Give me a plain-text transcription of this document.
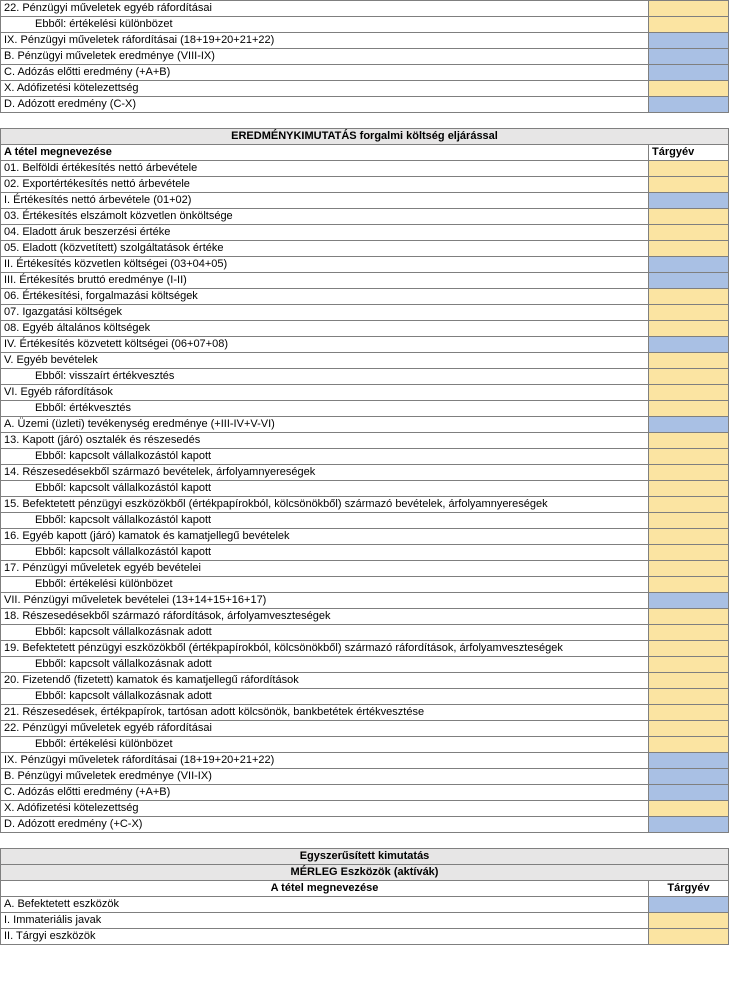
22. Pénzügyi műveletek egyéb ráfordításai	
Ebből: értékelési különbözet	
IX. Pénzügyi műveletek ráfordításai (18+19+20+21+22)	
B. Pénzügyi műveletek eredménye (VIII-IX)	
C. Adózás előtti eredmény (+A+B)	
X. Adófizetési kötelezettség	
D. Adózott eredmény (C-X)	
EREDMÉNYKIMUTATÁS forgalmi költség eljárással	
A tétel megnevezése	Tárgyév
01. Belföldi értékesítés nettó árbevétele	
02. Exportértékesítés nettó árbevétele	
I. Értékesítés nettó árbevétele (01+02)	
03. Értékesítés elszámolt közvetlen önköltsége	
04. Eladott áruk beszerzési értéke	
05. Eladott (közvetített) szolgáltatások értéke	
II. Értékesítés közvetlen költségei (03+04+05)	
III. Értékesítés bruttó eredménye (I-II)	
06. Értékesítési, forgalmazási költségek	
07. Igazgatási költségek	
08. Egyéb általános költségek	
IV. Értékesítés közvetett költségei (06+07+08)	
V. Egyéb bevételek	
Ebből: visszaírt értékvesztés	
VI. Egyéb ráfordítások	
Ebből: értékvesztés	
A. Üzemi (üzleti) tevékenység eredménye (+III-IV+V-VI)	
13. Kapott (járó) osztalék és részesedés	
Ebből: kapcsolt vállalkozástól kapott	
14. Részesedésekből származó bevételek, árfolyamnyereségek	
Ebből: kapcsolt vállalkozástól kapott	
15. Befektetett pénzügyi eszközökből (értékpapírokból, kölcsönökből) származó bevételek, árfolyamnyereségek	
Ebből: kapcsolt vállalkozástól kapott	
16. Egyéb kapott (járó) kamatok és kamatjellegű bevételek	
Ebből: kapcsolt vállalkozástól kapott	
17. Pénzügyi műveletek egyéb bevételei	
Ebből: értékelési különbözet	
VII. Pénzügyi műveletek bevételei (13+14+15+16+17)	
18. Részesedésekből származó ráfordítások, árfolyamveszteségek	
Ebből: kapcsolt vállalkozásnak adott	
19. Befektetett pénzügyi eszközökből (értékpapírokból, kölcsönökből) származó ráfordítások, árfolyamveszteségek	
Ebből: kapcsolt vállalkozásnak adott	
20. Fizetendő (fizetett) kamatok és kamatjellegű ráfordítások	
Ebből: kapcsolt vállalkozásnak adott	
21. Részesedések, értékpapírok, tartósan adott kölcsönök, bankbetétek értékvesztése	
22. Pénzügyi műveletek egyéb ráfordításai	
Ebből: értékelési különbözet	
IX. Pénzügyi műveletek ráfordításai (18+19+20+21+22)	
B. Pénzügyi műveletek eredménye (VII-IX)	
C. Adózás előtti eredmény (+A+B)	
X. Adófizetési kötelezettség	
D. Adózott eredmény (+C-X)	
Egyszerűsített kimutatás	
MÉRLEG Eszközök (aktívák)	
A tétel megnevezése	Tárgyév
A. Befektetett eszközök	
I. Immateriális javak	
II. Tárgyi eszközök	
